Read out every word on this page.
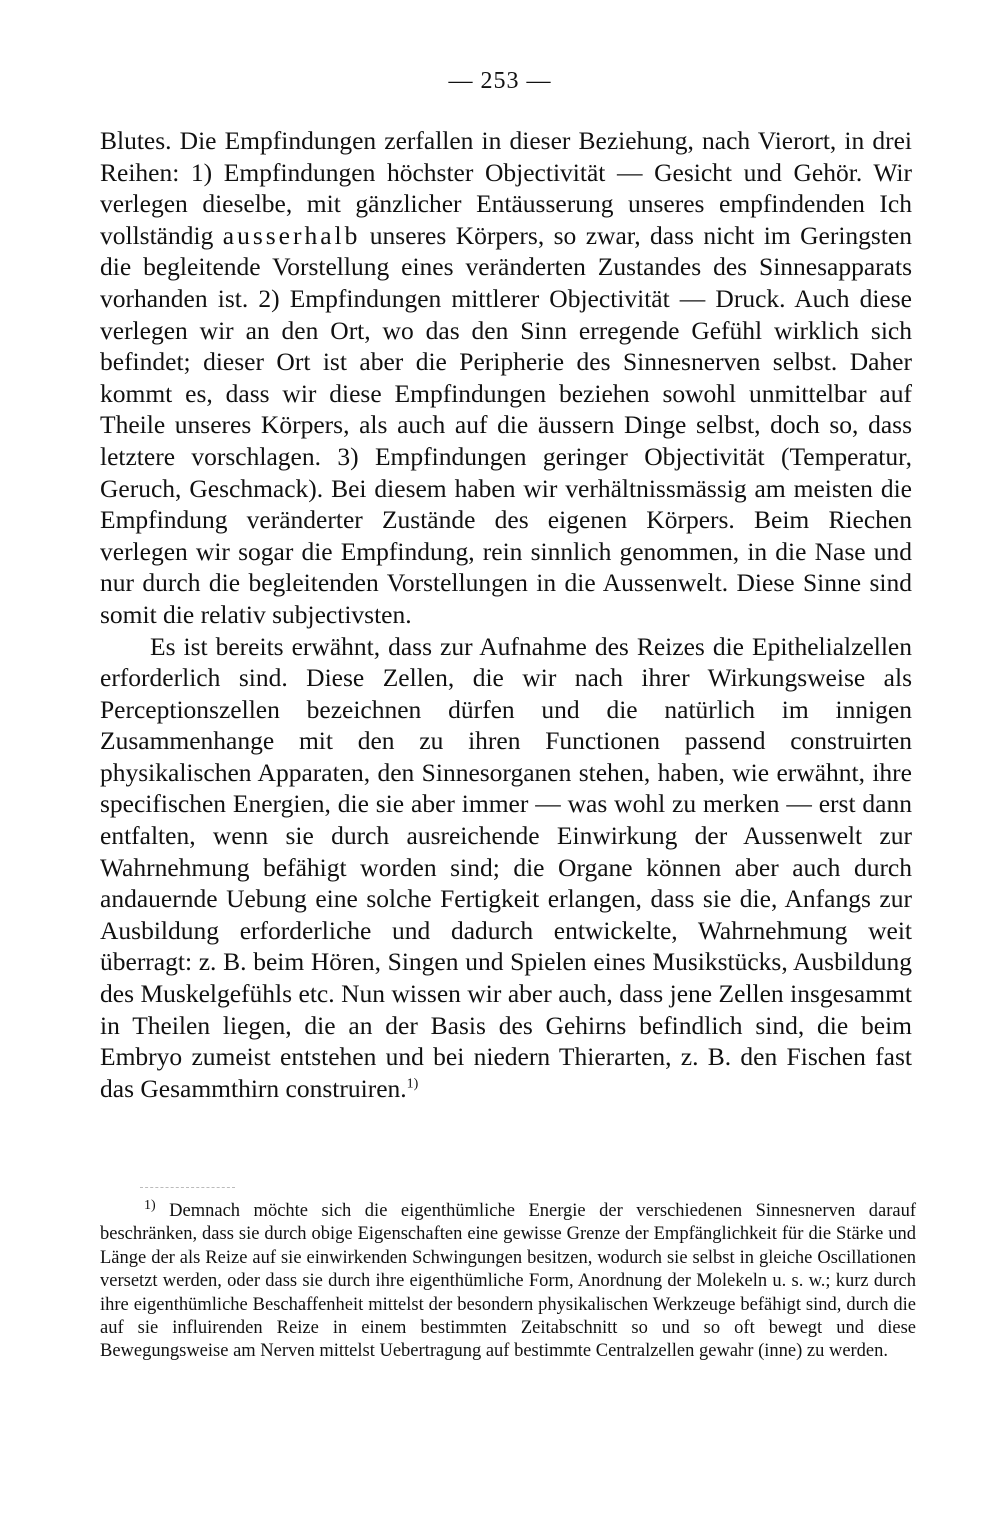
— 253 —

Blutes. Die Empfindungen zerfallen in dieser Beziehung, nach Vierort, in drei Reihen: 1) Empfindungen höchster Objectivität — Gesicht und Gehör. Wir verlegen dieselbe, mit gänzlicher Entäusserung unseres empfindenden Ich vollständig ausserhalb unseres Körpers, so zwar, dass nicht im Geringsten die begleitende Vorstellung eines veränderten Zustandes des Sinnesapparats vorhanden ist. 2) Empfindungen mittlerer Objectivität — Druck. Auch diese verlegen wir an den Ort, wo das den Sinn erregende Gefühl wirklich sich befindet; dieser Ort ist aber die Peripherie des Sinnesnerven selbst. Daher kommt es, dass wir diese Empfindungen beziehen sowohl unmittelbar auf Theile unseres Körpers, als auch auf die äussern Dinge selbst, doch so, dass letztere vorschlagen. 3) Empfindungen geringer Objectivität (Temperatur, Geruch, Geschmack). Bei diesem haben wir verhältnissmässig am meisten die Empfindung veränderter Zustände des eigenen Körpers. Beim Riechen verlegen wir sogar die Empfindung, rein sinnlich genommen, in die Nase und nur durch die begleitenden Vorstellungen in die Aussenwelt. Diese Sinne sind somit die relativ subjectivsten.

Es ist bereits erwähnt, dass zur Aufnahme des Reizes die Epithelialzellen erforderlich sind. Diese Zellen, die wir nach ihrer Wirkungsweise als Perceptionszellen bezeichnen dürfen und die natürlich im innigen Zusammenhange mit den zu ihren Functionen passend construirten physikalischen Apparaten, den Sinnesorganen stehen, haben, wie erwähnt, ihre specifischen Energien, die sie aber immer — was wohl zu merken — erst dann entfalten, wenn sie durch ausreichende Einwirkung der Aussenwelt zur Wahrnehmung befähigt worden sind; die Organe können aber auch durch andauernde Uebung eine solche Fertigkeit erlangen, dass sie die, Anfangs zur Ausbildung erforderliche und dadurch entwickelte, Wahrnehmung weit überragt: z. B. beim Hören, Singen und Spielen eines Musikstücks, Ausbildung des Muskelgefühls etc. Nun wissen wir aber auch, dass jene Zellen insgesammt in Theilen liegen, die an der Basis des Gehirns befindlich sind, die beim Embryo zumeist entstehen und bei niedern Thierarten, z. B. den Fischen fast das Gesammthirn construiren.$^{1)}$

$^{1)}$ Demnach möchte sich die eigenthümliche Energie der verschiedenen Sinnesnerven darauf beschränken, dass sie durch obige Eigenschaften eine gewisse Grenze der Empfänglichkeit für die Stärke und Länge der als Reize auf sie einwirkenden Schwingungen besitzen, wodurch sie selbst in gleiche Oscillationen versetzt werden, oder dass sie durch ihre eigenthümliche Form, Anordnung der Molekeln u. s. w.; kurz durch ihre eigenthümliche Beschaffenheit mittelst der besondern physikalischen Werkzeuge befähigt sind, durch die auf sie influirenden Reize in einem bestimmten Zeitabschnitt so und so oft bewegt und diese Bewegungsweise am Nerven mittelst Uebertragung auf bestimmte Centralzellen gewahr (inne) zu werden.
